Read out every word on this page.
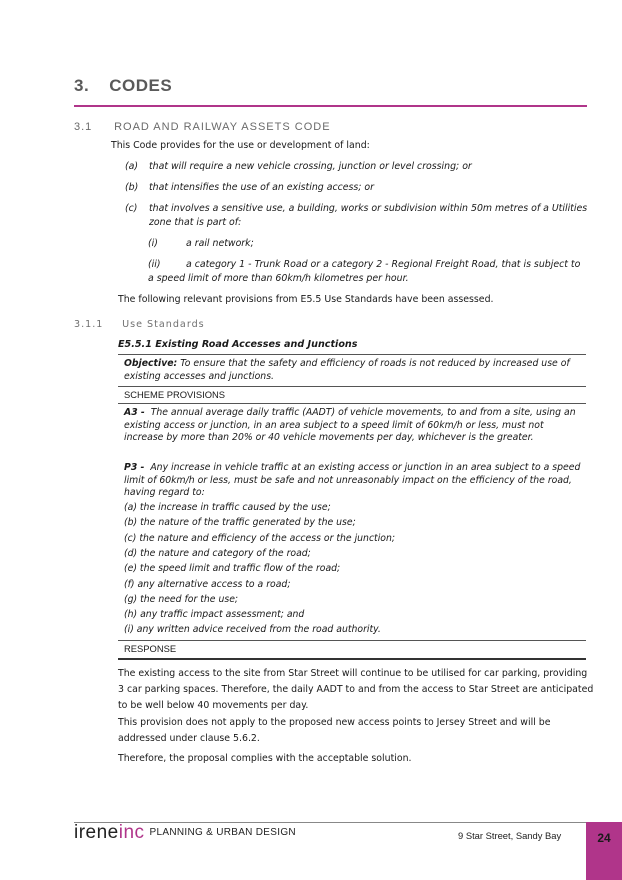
3. CODES
3.1 ROAD AND RAILWAY ASSETS CODE
This Code provides for the use or development of land:
(a) that will require a new vehicle crossing, junction or level crossing; or
(b) that intensifies the use of an existing access; or
(c) that involves a sensitive use, a building, works or subdivision within 50m metres of a Utilities
zone that is part of:
(i)	a rail network;
(ii)	a category 1 - Trunk Road or a category 2 - Regional Freight Road, that is subject to
a speed limit of more than 60km/h kilometres per hour.
The following relevant provisions from E5.5 Use Standards have been assessed.
3.1.1 Use Standards
E5.5.1 Existing Road Accesses and Junctions
Objective: To ensure that the safety and efficiency of roads is not reduced by increased use of
existing accesses and junctions.
SCHEME PROVISIONS
A3 - The annual average daily traffic (AADT) of vehicle movements, to and from a site, using an
existing access or junction, in an area subject to a speed limit of 60km/h or less, must not
increase by more than 20% or 40 vehicle movements per day, whichever is the greater.
P3 - Any increase in vehicle traffic at an existing access or junction in an area subject to a speed
limit of 60km/h or less, must be safe and not unreasonably impact on the efficiency of the road,
having regard to:
(a) the increase in traffic caused by the use;
(b) the nature of the traffic generated by the use;
(c) the nature and efficiency of the access or the junction;
(d) the nature and category of the road;
(e) the speed limit and traffic flow of the road;
(f) any alternative access to a road;
(g) the need for the use;
(h) any traffic impact assessment; and
(i) any written advice received from the road authority.
RESPONSE
The existing access to the site from Star Street will continue to be utilised for car parking, providing
3 car parking spaces. Therefore, the daily AADT to and from the access to Star Street are anticipated
to be well below 40 movements per day.
This provision does not apply to the proposed new access points to Jersey Street and will be
addressed under clause 5.6.2.
Therefore, the proposal complies with the acceptable solution.
ireneinc PLANNING & URBAN DESIGN	9 Star Street, Sandy Bay	24
